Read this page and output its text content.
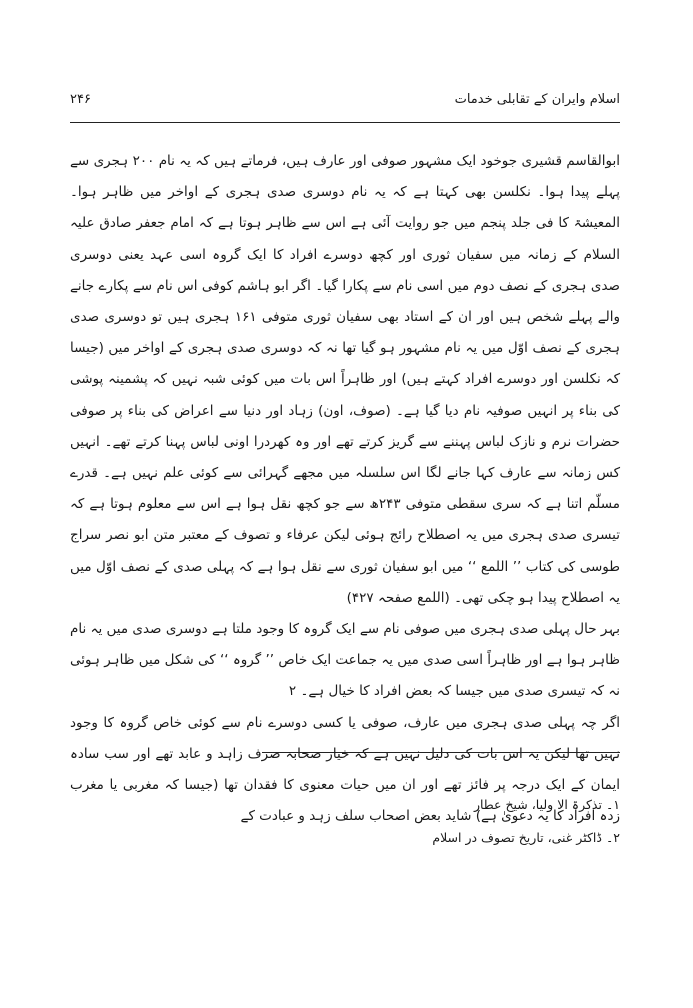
اسلام وایران کے تقابلی خدمات
۲۴۶

ابوالقاسم قشیری جوخود ایک مشہور صوفی اور عارف ہیں، فرماتے ہیں کہ یہ نام ۲۰۰ ہجری سے پہلے پیدا ہوا۔ نکلسن بھی کہتا ہے کہ یہ نام دوسری صدی ہجری کے اواخر میں ظاہر ہوا۔ المعیشۃ کا فی جلد پنجم میں جو روایت آئی ہے اس سے ظاہر ہوتا ہے کہ امام جعفر صادق علیہ السلام کے زمانہ میں سفیان ثوری اور کچھ دوسرے افراد کا ایک گروہ اسی عہد یعنی دوسری صدی ہجری کے نصف دوم میں اسی نام سے پکارا گیا۔ اگر ابو ہاشم کوفی اس نام سے پکارے جانے والے پہلے شخص ہیں اور ان کے استاد بھی سفیان ثوری متوفی ۱۶۱ ہجری ہیں تو دوسری صدی ہجری کے نصف اوّل میں یہ نام مشہور ہو گیا تھا نہ کہ دوسری صدی ہجری کے اواخر میں (جیسا کہ نکلسن اور دوسرے افراد کہتے ہیں) اور ظاہراً اس بات میں کوئی شبہ نہیں کہ پشمینہ پوشی کی بناء پر انہیں صوفیہ نام دیا گیا ہے۔ (صوف، اون) زہاد اور دنیا سے اعراض کی بناء پر صوفی حضرات نرم و نازک لباس پہننے سے گریز کرتے تھے اور وہ کھردرا اونی لباس پہنا کرتے تھے۔ انہیں کس زمانہ سے عارف کہا جانے لگا اس سلسلہ میں مجھے گہرائی سے کوئی علم نہیں ہے۔ قدرے مسلّم اتنا ہے کہ سری سقطی متوفی ۲۴۳ھ سے جو کچھ نقل ہوا ہے اس سے معلوم ہوتا ہے کہ تیسری صدی ہجری میں یہ اصطلاح رائج ہوئی لیکن عرفاء و تصوف کے معتبر متن ابو نصر سراج طوسی کی کتاب ’’ اللمع ‘‘ میں ابو سفیان ثوری سے نقل ہوا ہے کہ پہلی صدی کے نصف اوّل میں یہ اصطلاح پیدا ہو چکی تھی۔ (اللمع صفحہ ۴۲۷)

بہر حال پہلی صدی ہجری میں صوفی نام سے ایک گروہ کا وجود ملتا ہے دوسری صدی میں یہ نام ظاہر ہوا ہے اور ظاہراً اسی صدی میں یہ جماعت ایک خاص ’’ گروہ ‘‘ کی شکل میں ظاہر ہوئی نہ کہ تیسری صدی میں جیسا کہ بعض افراد کا خیال ہے۔ ۲

اگر چہ پہلی صدی ہجری میں عارف، صوفی یا کسی دوسرے نام سے کوئی خاص گروہ کا وجود نہیں تھا لیکن یہ اس بات کی دلیل نہیں ہے کہ خیار صحابہ صرف زاہد و عابد تھے اور سب سادہ ایمان کے ایک درجہ پر فائز تھے اور ان میں حیات معنوی کا فقدان تھا (جیسا کہ مغربی یا مغرب زدہ افراد کا یہ دعویٰ ہے) شاید بعض اصحاب سلف زہد و عبادت کے

۱۔ تذکرۃ الا ولیا، شیخ عطار
۲۔ ڈاکٹر غنی، تاریخ تصوف در اسلام
